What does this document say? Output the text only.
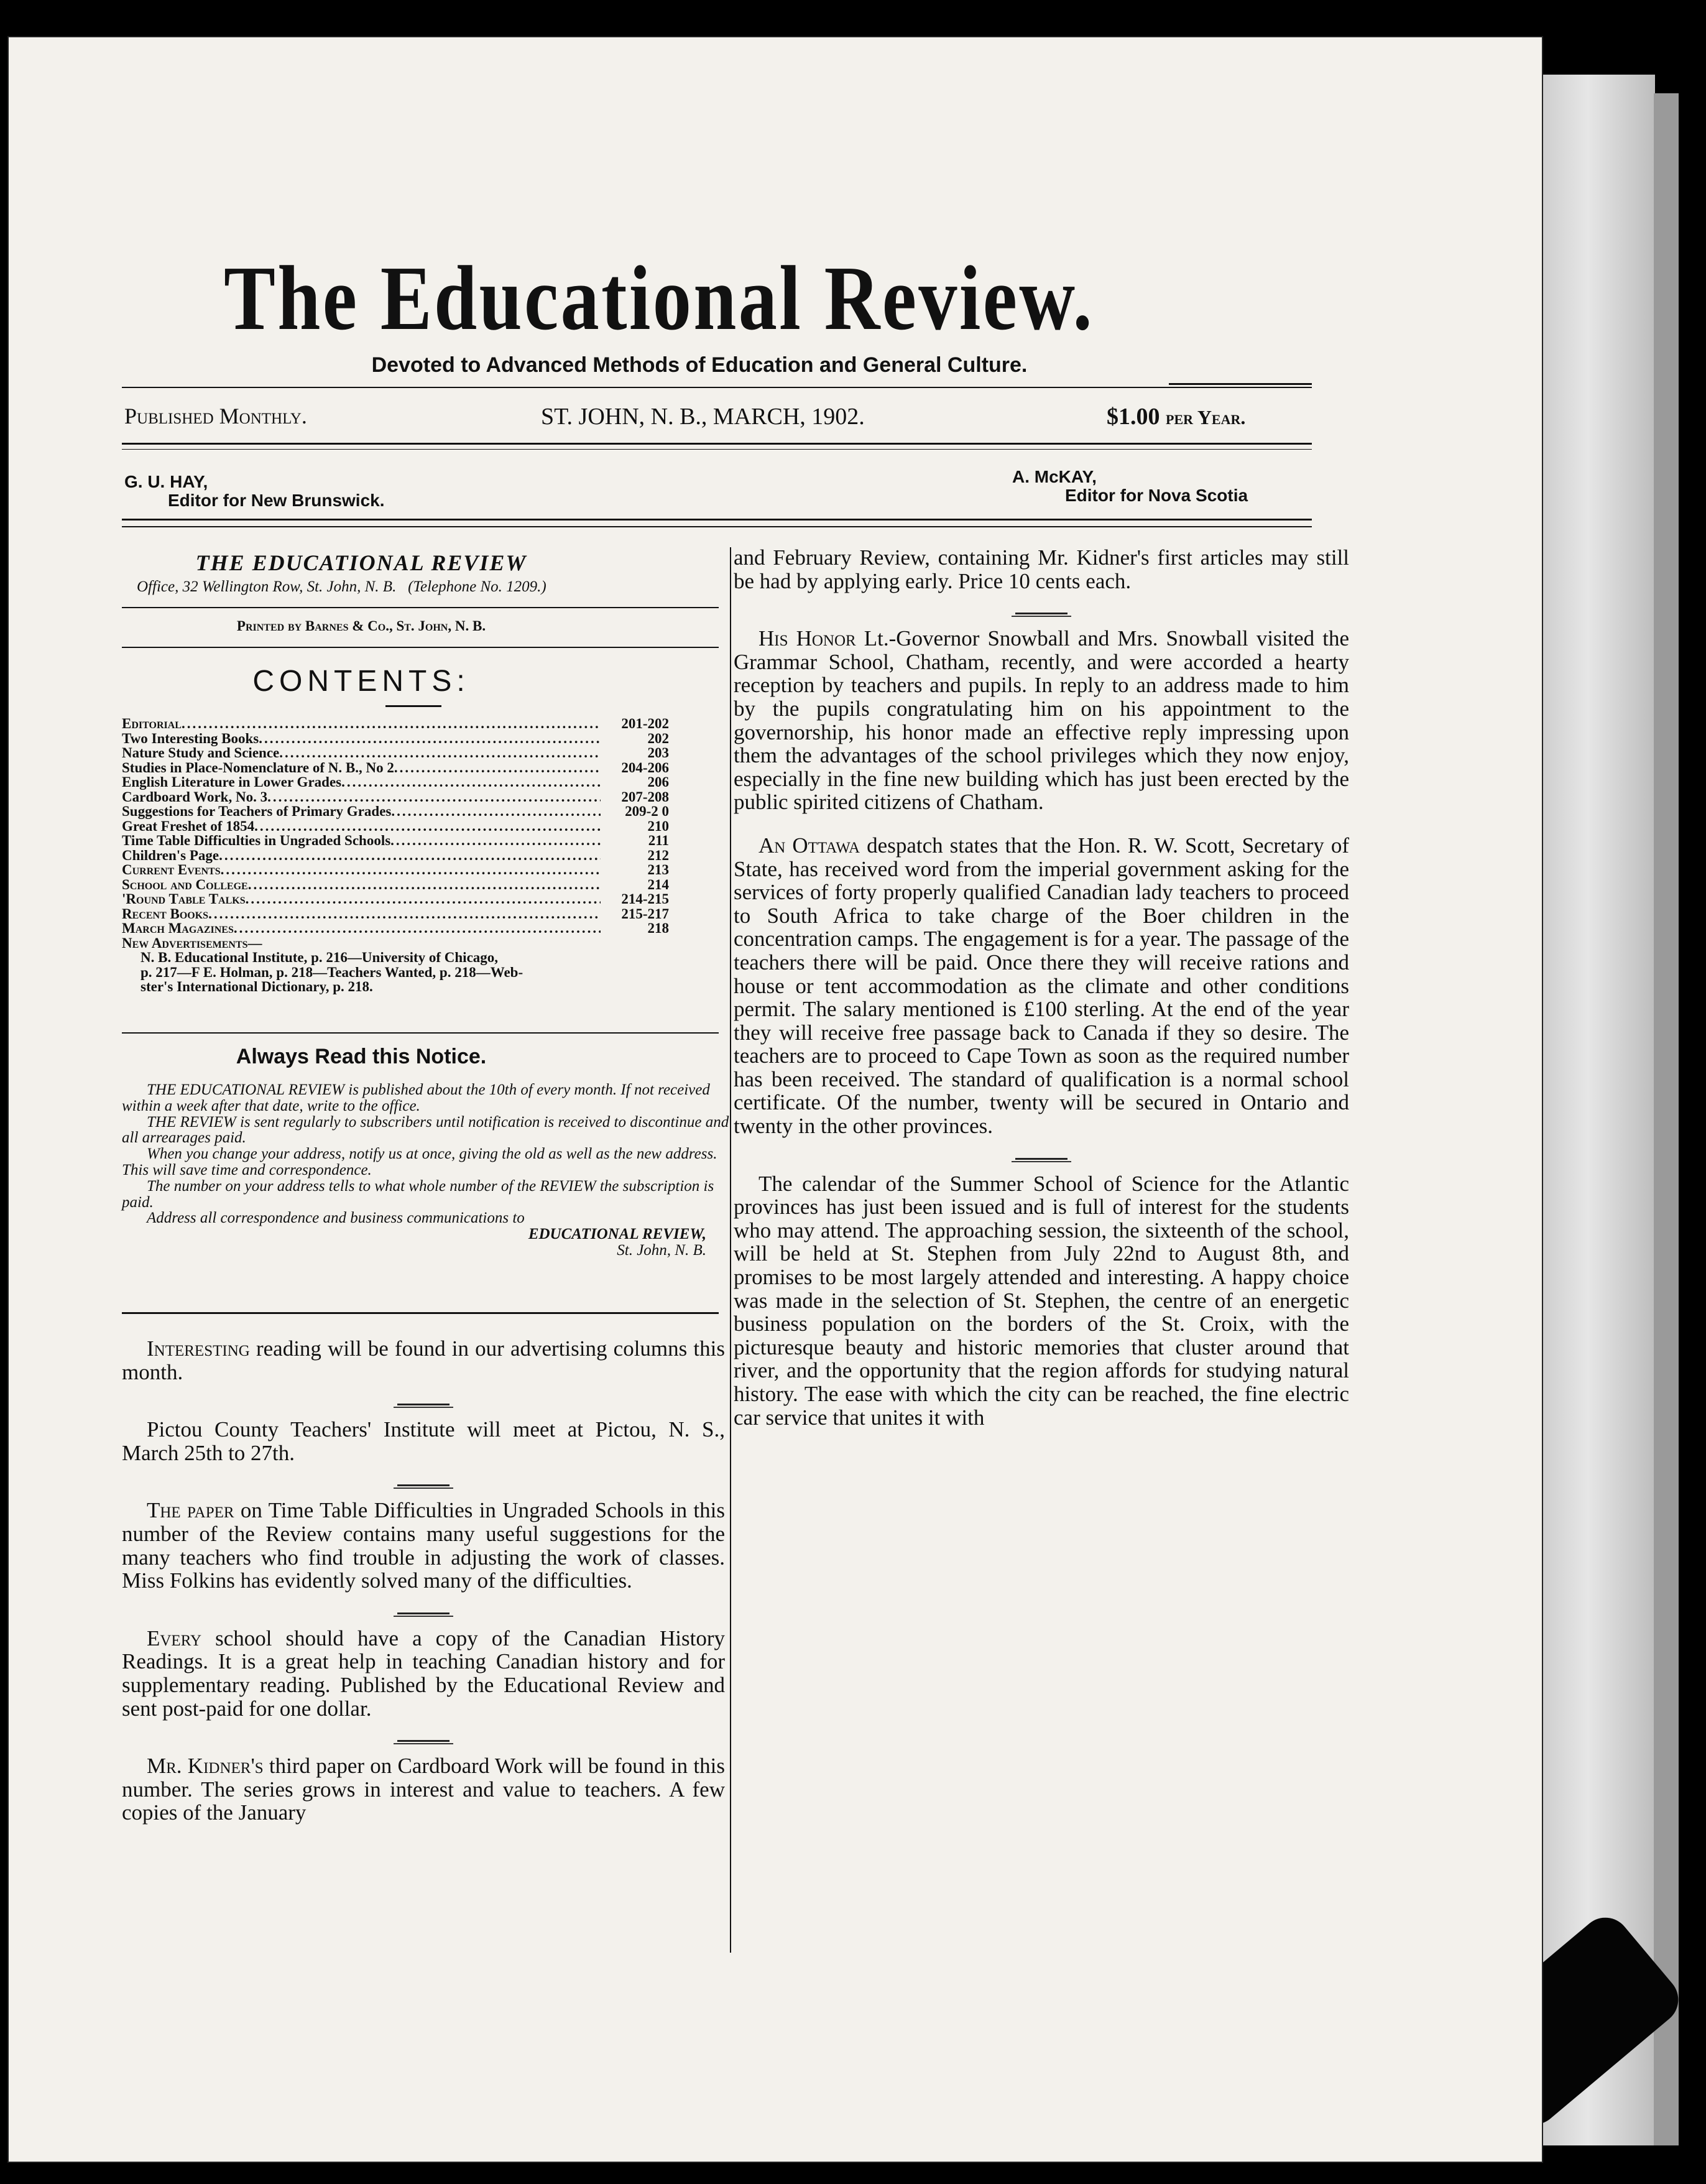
The Educational Review.
Devoted to Advanced Methods of Education and General Culture.
Published Monthly.	ST. JOHN, N. B., MARCH, 1902.	$1.00 per Year.
G. U. HAY,
Editor for New Brunswick.
A. McKAY,
Editor for Nova Scotia
THE EDUCATIONAL REVIEW
Office, 32 Wellington Row, St. John, N. B. (Telephone No. 1209.)
Printed by Barnes & Co., St. John, N. B.
CONTENTS:
Editorial .....	201-202
Two Interesting Books .....	202
Nature Study and Science .....	203
Studies in Place-Nomenclature of N. B., No 2 .....	204-206
English Literature in Lower Grades .....	206
Cardboard Work, No. 3 .....	207-208
Suggestions for Teachers of Primary Grades .....	209-2 0
Great Freshet of 1854 .....	210
Time Table Difficulties in Ungraded Schools .....	211
Children's Page .....	212
Current Events .....	213
School and College .....	214
'Round Table Talks .....	214-215
Recent Books .....	215-217
March Magazines .....	218
New Advertisements—
N. B. Educational Institute, p. 216—University of Chicago,
p. 217—F E. Holman, p. 218—Teachers Wanted, p. 218—Web-
ster's International Dictionary, p. 218.
Always Read this Notice.

THE EDUCATIONAL REVIEW is published about the 10th of every month. If not received within a week after that date, write to the office.

THE REVIEW is sent regularly to subscribers until notification is received to discontinue and all arrearages paid.

When you change your address, notify us at once, giving the old as well as the new address. This will save time and correspondence.

The number on your address tells to what whole number of the REVIEW the subscription is paid.

Address all correspondence and business communications to

EDUCATIONAL REVIEW,

St. John, N. B.

Interesting reading will be found in our advertising columns this month.

Pictou County Teachers' Institute will meet at Pictou, N. S., March 25th to 27th.

The paper on Time Table Difficulties in Ungraded Schools in this number of the Review contains many useful suggestions for the many teachers who find trouble in adjusting the work of classes. Miss Folkins has evidently solved many of the difficulties.

Every school should have a copy of the Canadian History Readings. It is a great help in teaching Canadian history and for supplementary reading. Published by the Educational Review and sent post-paid for one dollar.

Mr. Kidner's third paper on Cardboard Work will be found in this number. The series grows in interest and value to teachers. A few copies of the January

and February Review, containing Mr. Kidner's first articles may still be had by applying early. Price 10 cents each.

His Honor Lt.-Governor Snowball and Mrs. Snowball visited the Grammar School, Chatham, recently, and were accorded a hearty reception by teachers and pupils. In reply to an address made to him by the pupils congratulating him on his appointment to the governorship, his honor made an effective reply impressing upon them the advantages of the school privileges which they now enjoy, especially in the fine new building which has just been erected by the public spirited citizens of Chatham.

An Ottawa despatch states that the Hon. R. W. Scott, Secretary of State, has received word from the imperial government asking for the services of forty properly qualified Canadian lady teachers to proceed to South Africa to take charge of the Boer children in the concentration camps. The engagement is for a year. The passage of the teachers there will be paid. Once there they will receive rations and house or tent accommodation as the climate and other conditions permit. The salary mentioned is £100 sterling. At the end of the year they will receive free passage back to Canada if they so desire. The teachers are to proceed to Cape Town as soon as the required number has been received. The standard of qualification is a normal school certificate. Of the number, twenty will be secured in Ontario and twenty in the other provinces.

The calendar of the Summer School of Science for the Atlantic provinces has just been issued and is full of interest for the students who may attend. The approaching session, the sixteenth of the school, will be held at St. Stephen from July 22nd to August 8th, and promises to be most largely attended and interesting. A happy choice was made in the selection of St. Stephen, the centre of an energetic business population on the borders of the St. Croix, with the picturesque beauty and historic memories that cluster around that river, and the opportunity that the region affords for studying natural history. The ease with which the city can be reached, the fine electric car service that unites it with
